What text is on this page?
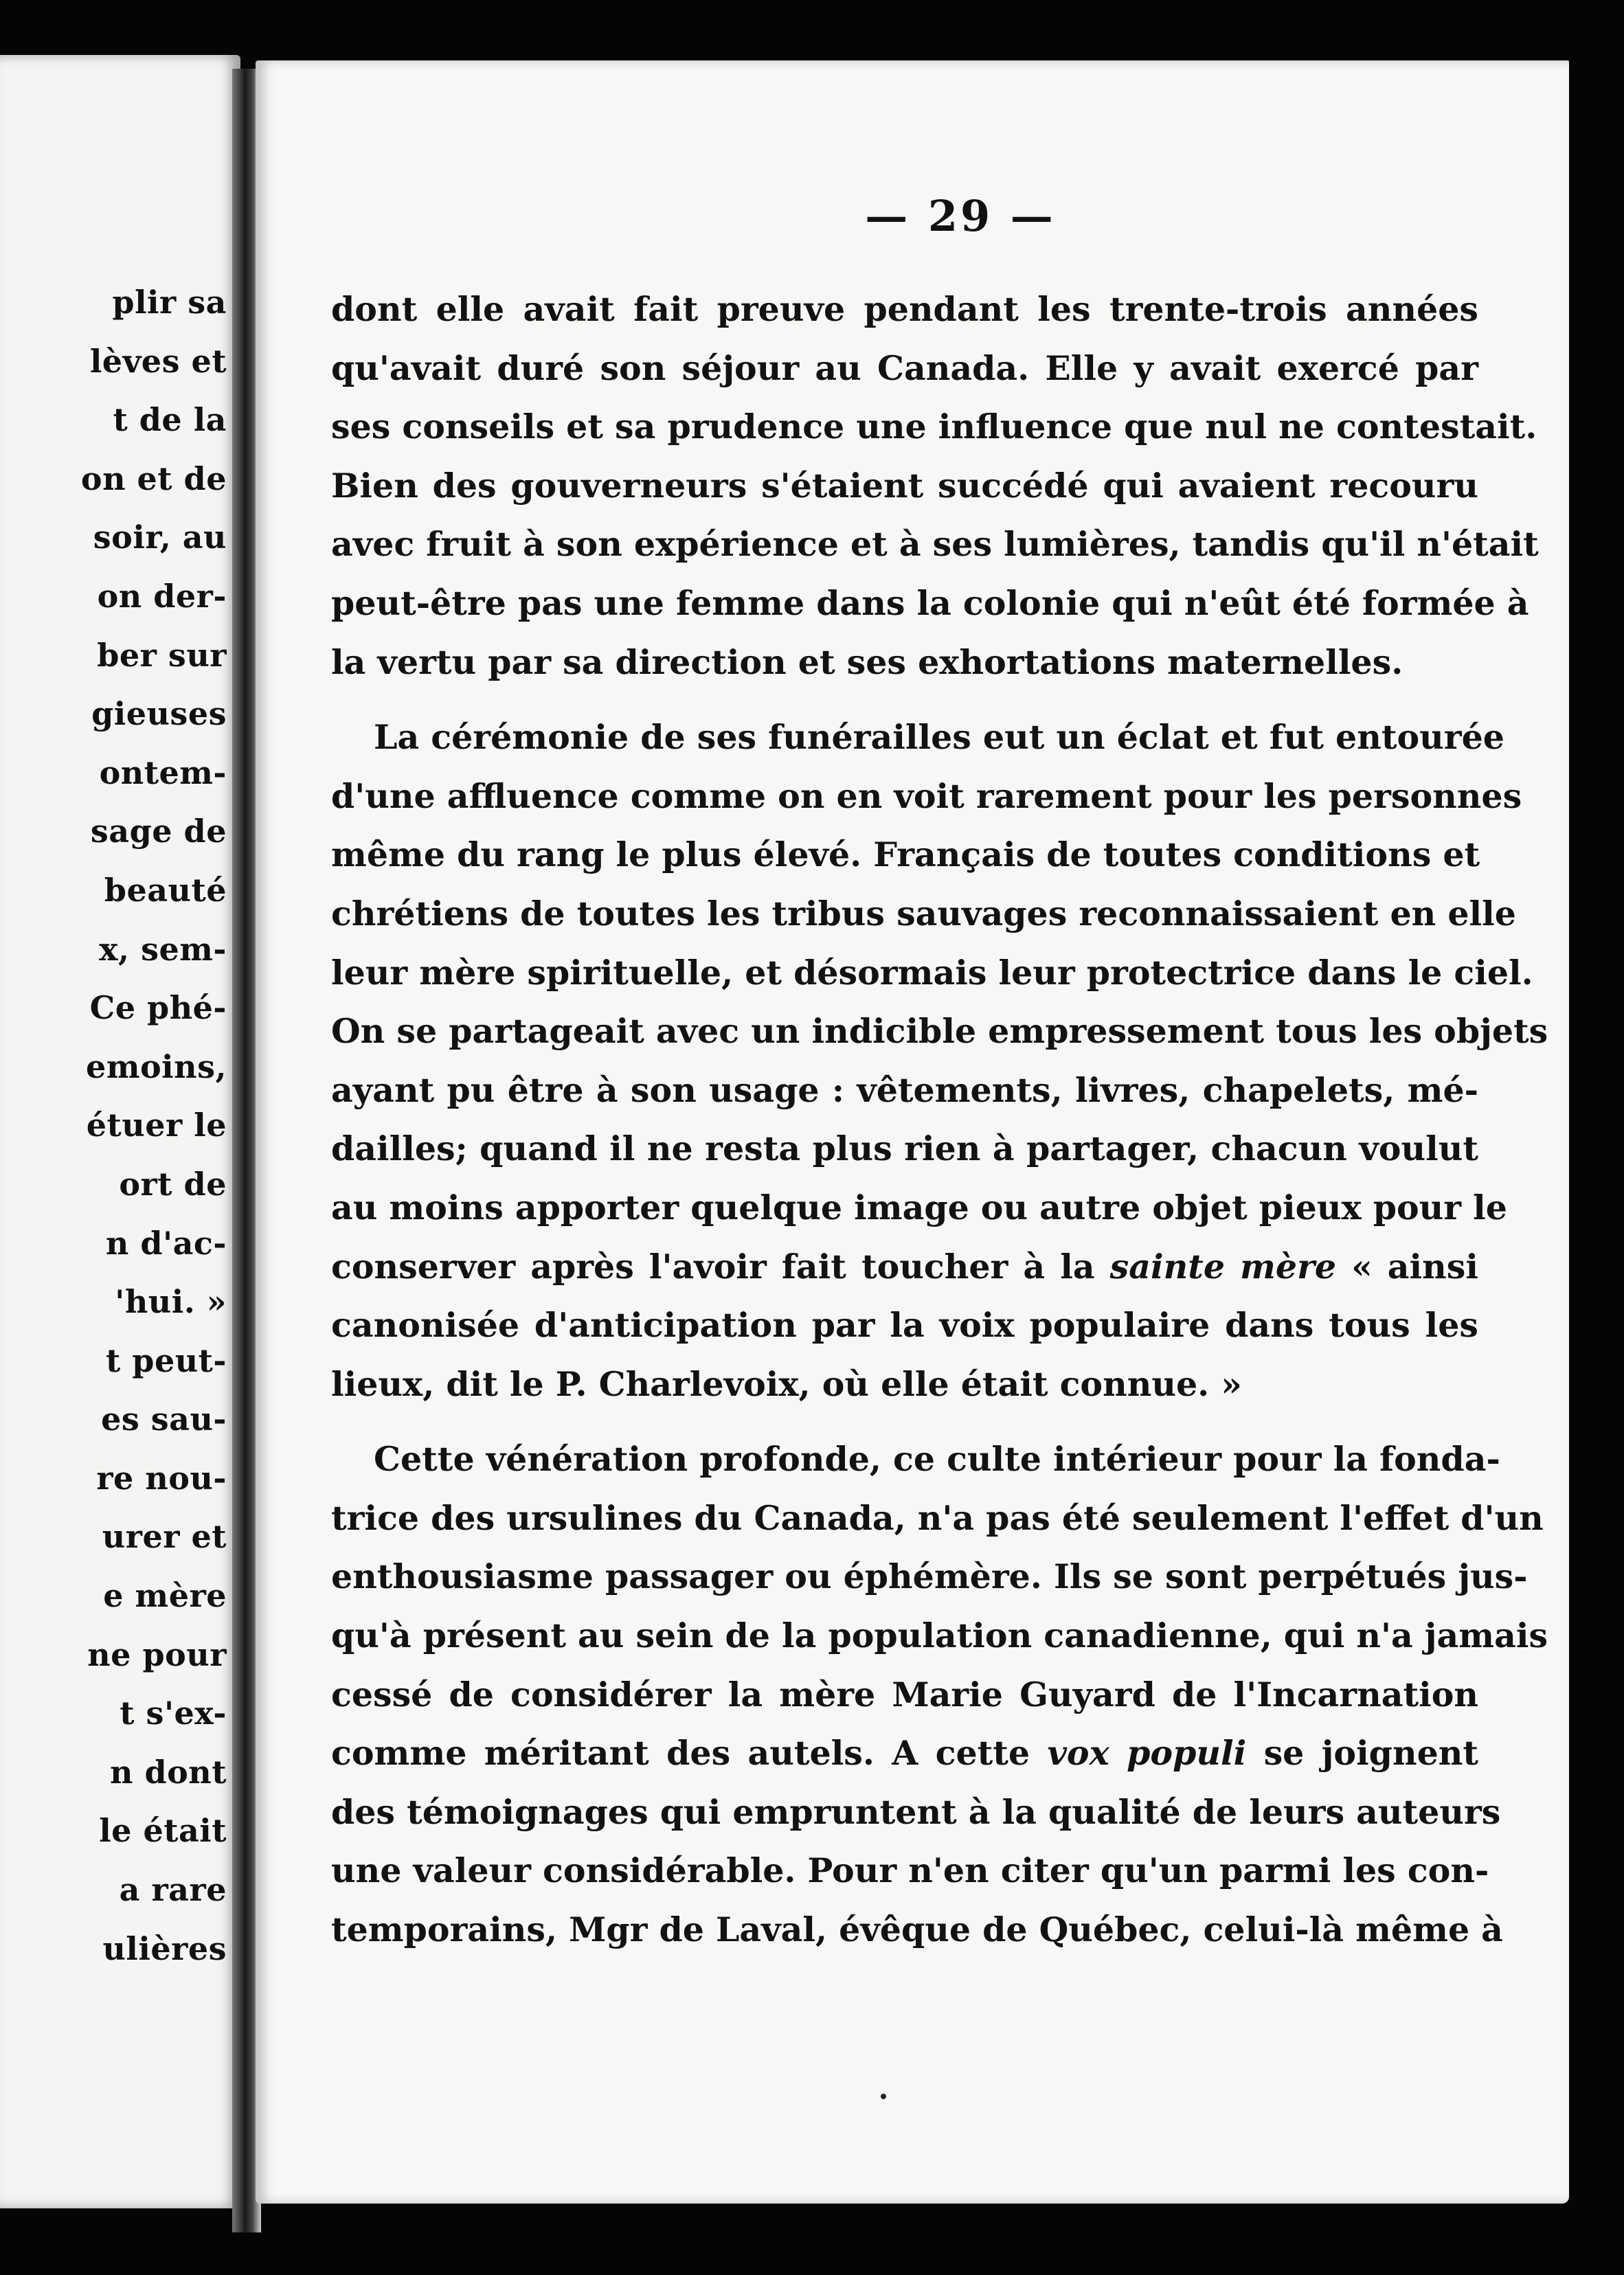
plir sa
lèves et
t de la
on et de
soir, au
on der-
ber sur
gieuses
ontem-
sage de
beauté
x, sem-
Ce phé-
emoins,
étuer le
ort de
n d'ac-
'hui. »
t peut-
es sau-
re nou-
urer et
e mère
ne pour
t s'ex-
n dont
le était
a rare
ulières
— 29 —
dont elle avait fait preuve pendant les trente-trois années
qu'avait duré son séjour au Canada. Elle y avait exercé par
ses conseils et sa prudence une influence que nul ne contestait.
Bien des gouverneurs s'étaient succédé qui avaient recouru
avec fruit à son expérience et à ses lumières, tandis qu'il n'était
peut-être pas une femme dans la colonie qui n'eût été formée à
la vertu par sa direction et ses exhortations maternelles.
La cérémonie de ses funérailles eut un éclat et fut entourée
d'une affluence comme on en voit rarement pour les personnes
même du rang le plus élevé. Français de toutes conditions et
chrétiens de toutes les tribus sauvages reconnaissaient en elle
leur mère spirituelle, et désormais leur protectrice dans le ciel.
On se partageait avec un indicible empressement tous les objets
ayant pu être à son usage : vêtements, livres, chapelets, mé-
dailles; quand il ne resta plus rien à partager, chacun voulut
au moins apporter quelque image ou autre objet pieux pour le
conserver après l'avoir fait toucher à la sainte mère « ainsi
canonisée d'anticipation par la voix populaire dans tous les
lieux, dit le P. Charlevoix, où elle était connue. »
Cette vénération profonde, ce culte intérieur pour la fonda-
trice des ursulines du Canada, n'a pas été seulement l'effet d'un
enthousiasme passager ou éphémère. Ils se sont perpétués jus-
qu'à présent au sein de la population canadienne, qui n'a jamais
cessé de considérer la mère Marie Guyard de l'Incarnation
comme méritant des autels. A cette vox populi se joignent
des témoignages qui empruntent à la qualité de leurs auteurs
une valeur considérable. Pour n'en citer qu'un parmi les con-
temporains, Mgr de Laval, évêque de Québec, celui-là même à
